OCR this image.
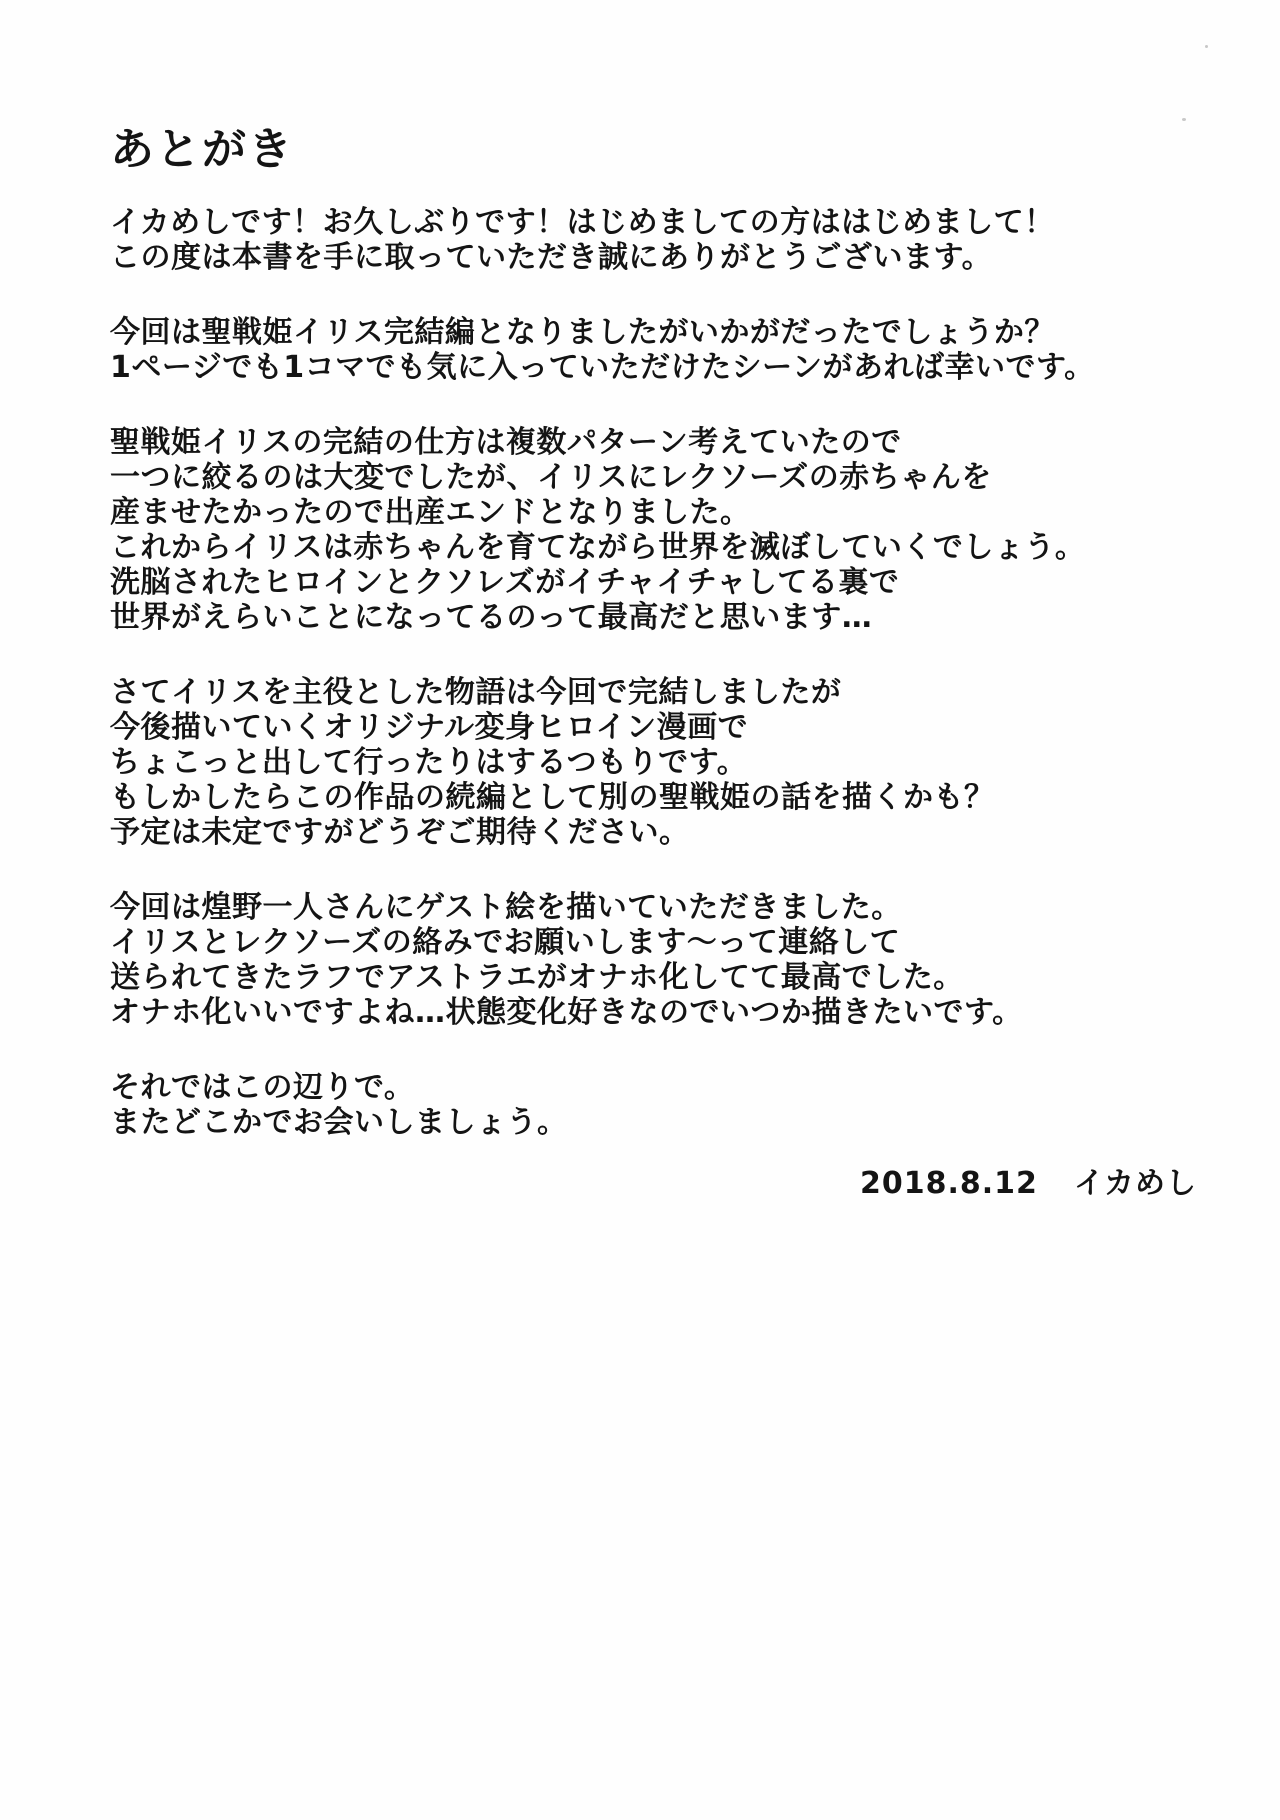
あとがき
イカめしです！お久しぶりです！はじめましての方ははじめまして！
この度は本書を手に取っていただき誠にありがとうございます。
今回は聖戦姫イリス完結編となりましたがいかがだったでしょうか？
1ページでも1コマでも気に入っていただけたシーンがあれば幸いです。
聖戦姫イリスの完結の仕方は複数パターン考えていたので
一つに絞るのは大変でしたが、イリスにレクソーズの赤ちゃんを
産ませたかったので出産エンドとなりました。
これからイリスは赤ちゃんを育てながら世界を滅ぼしていくでしょう。
洗脳されたヒロインとクソレズがイチャイチャしてる裏で
世界がえらいことになってるのって最高だと思います…
さてイリスを主役とした物語は今回で完結しましたが
今後描いていくオリジナル変身ヒロイン漫画で
ちょこっと出して行ったりはするつもりです。
もしかしたらこの作品の続編として別の聖戦姫の話を描くかも？
予定は未定ですがどうぞご期待ください。
今回は煌野一人さんにゲスト絵を描いていただきました。
イリスとレクソーズの絡みでお願いします〜って連絡して
送られてきたラフでアストラエがオナホ化してて最高でした。
オナホ化いいですよね…状態変化好きなのでいつか描きたいです。
それではこの辺りで。
またどこかでお会いしましょう。
2018.8.12 イカめし
